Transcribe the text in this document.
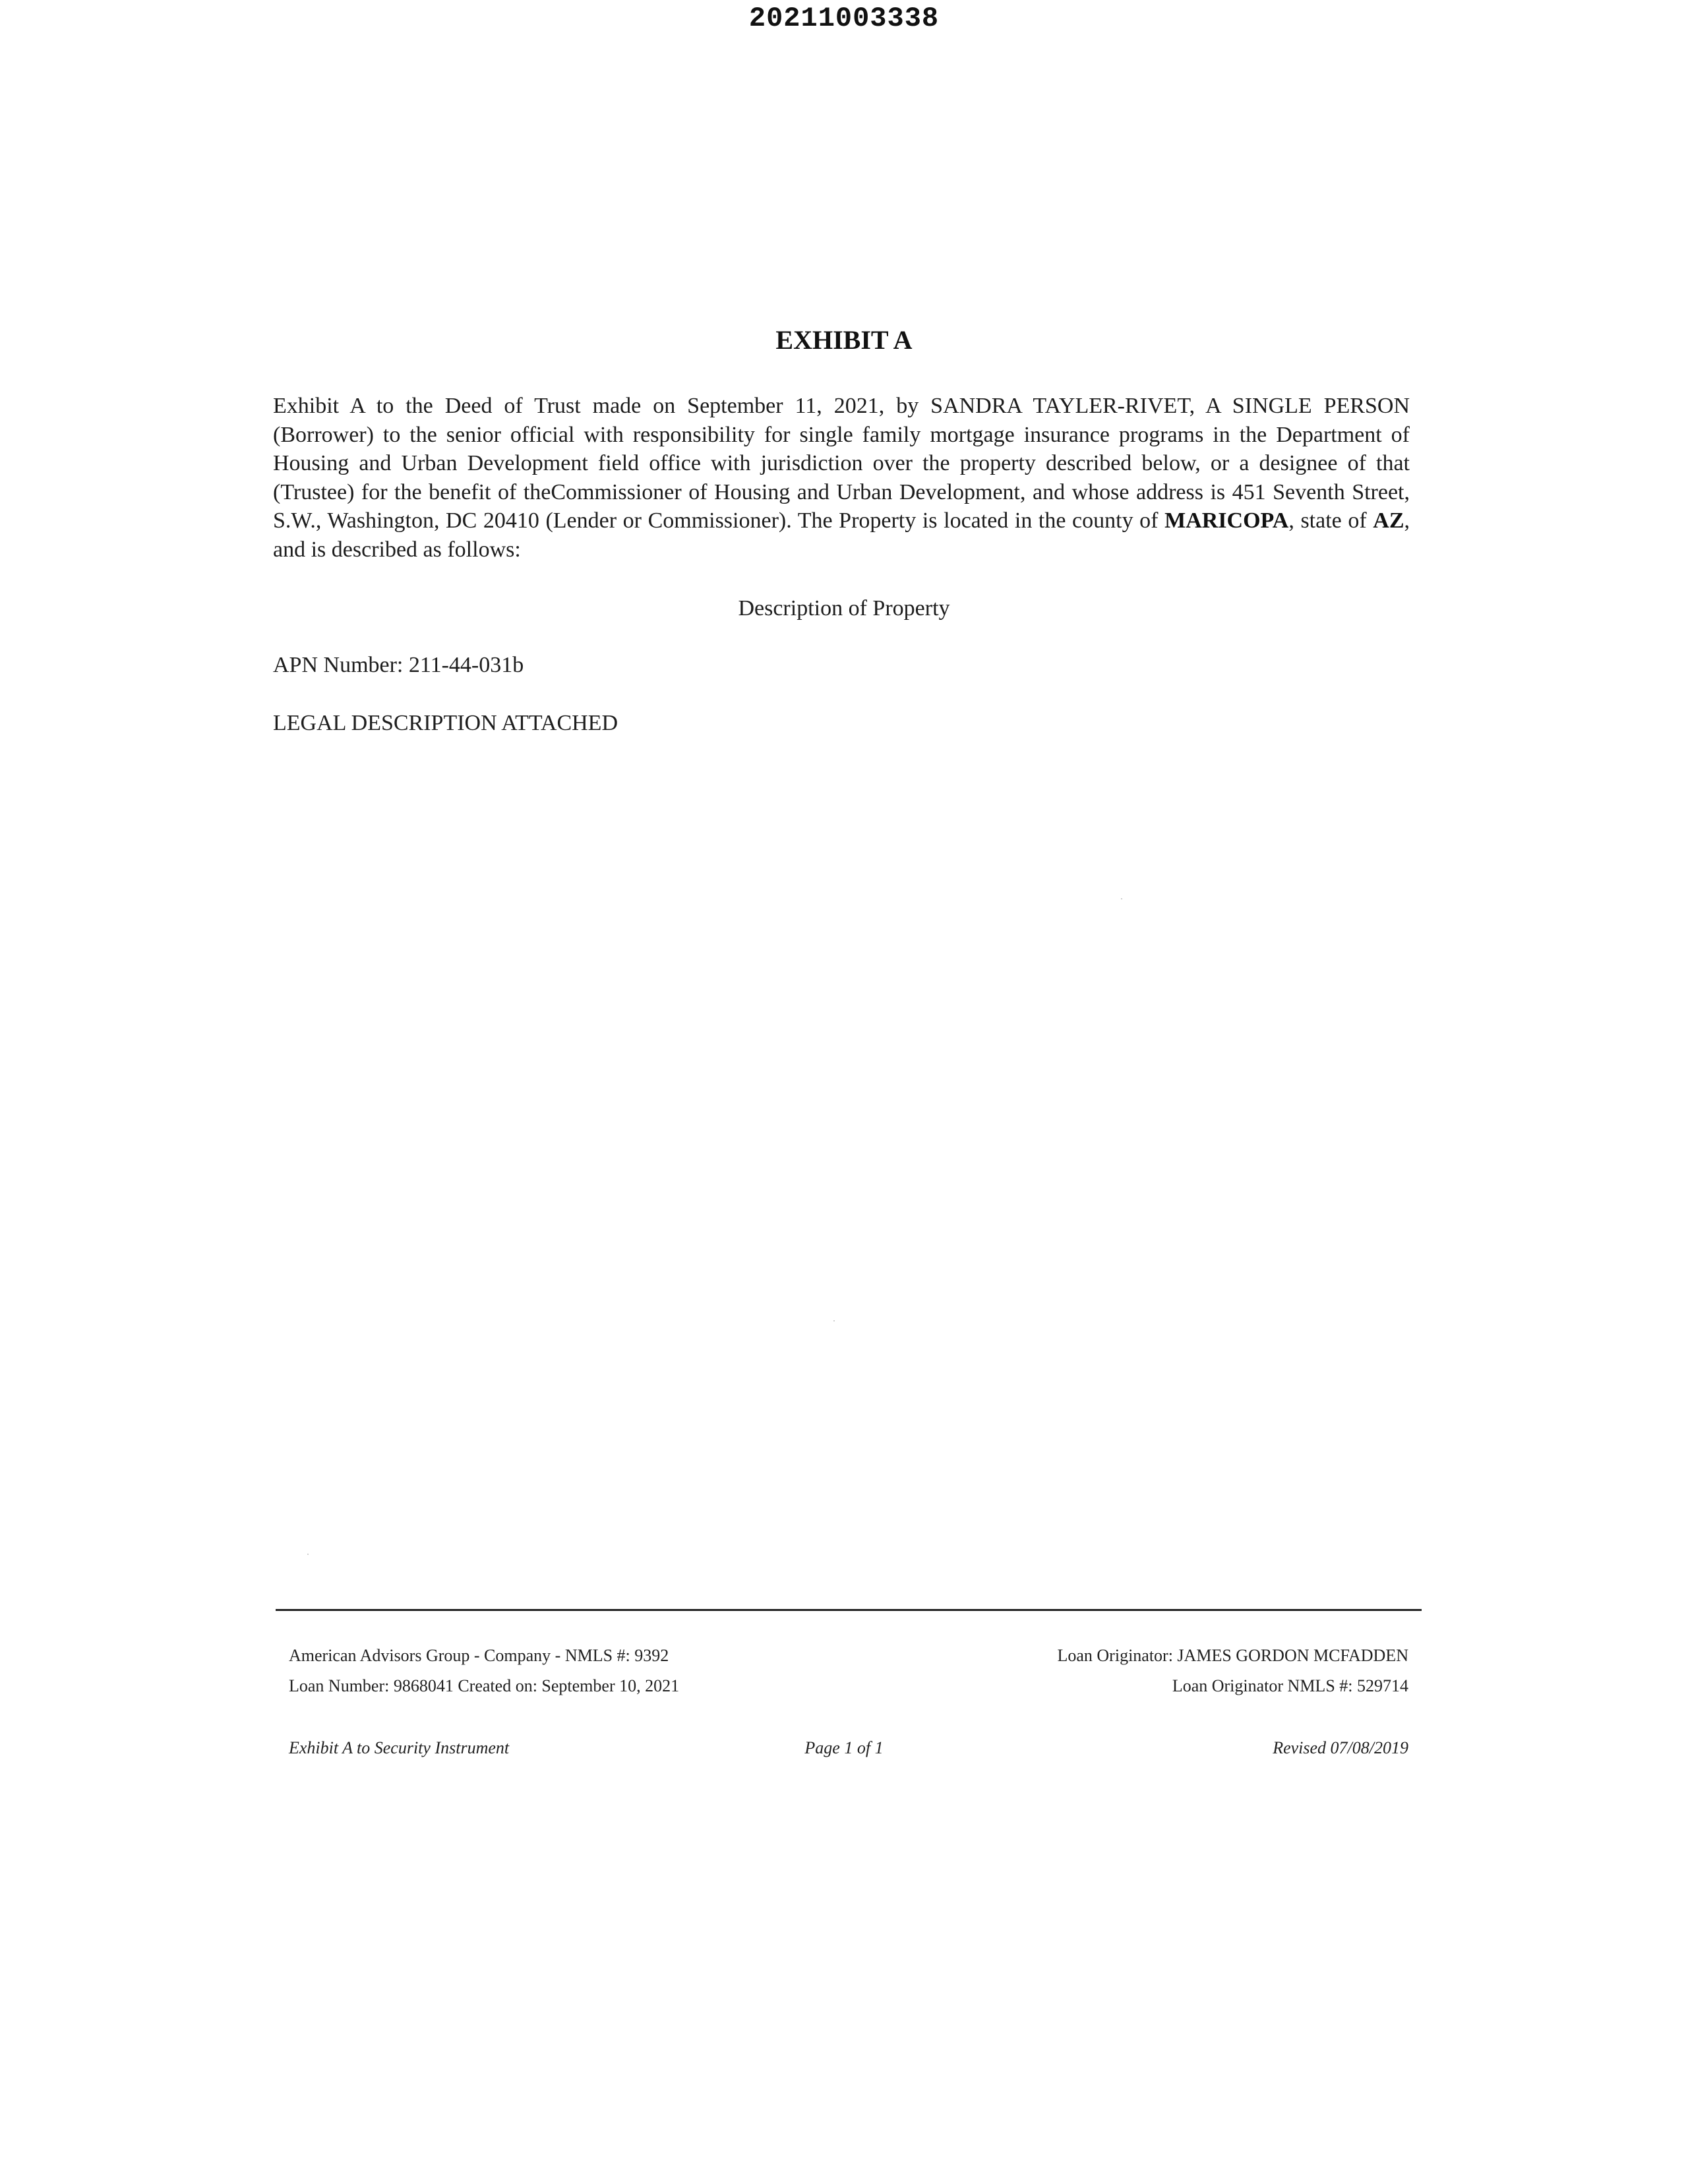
20211003338
EXHIBIT A
Exhibit A to the Deed of Trust made on September 11, 2021, by SANDRA TAYLER-RIVET, A SINGLE PERSON (Borrower) to the senior official with responsibility for single family mortgage insurance programs in the Department of Housing and Urban Development field office with jurisdiction over the property described below, or a designee of that (Trustee) for the benefit of theCommissioner of Housing and Urban Development, and whose address is 451 Seventh Street, S.W., Washington, DC 20410 (Lender or Commissioner). The Property is located in the county of MARICOPA, state of AZ, and is described as follows:
Description of Property
APN Number: 211-44-031b
LEGAL DESCRIPTION ATTACHED
American Advisors Group - Company - NMLS #: 9392
Loan Number: 9868041 Created on: September 10, 2021
Loan Originator: JAMES GORDON MCFADDEN
Loan Originator NMLS #: 529714
Exhibit A to Security Instrument	Page 1 of 1	Revised 07/08/2019
